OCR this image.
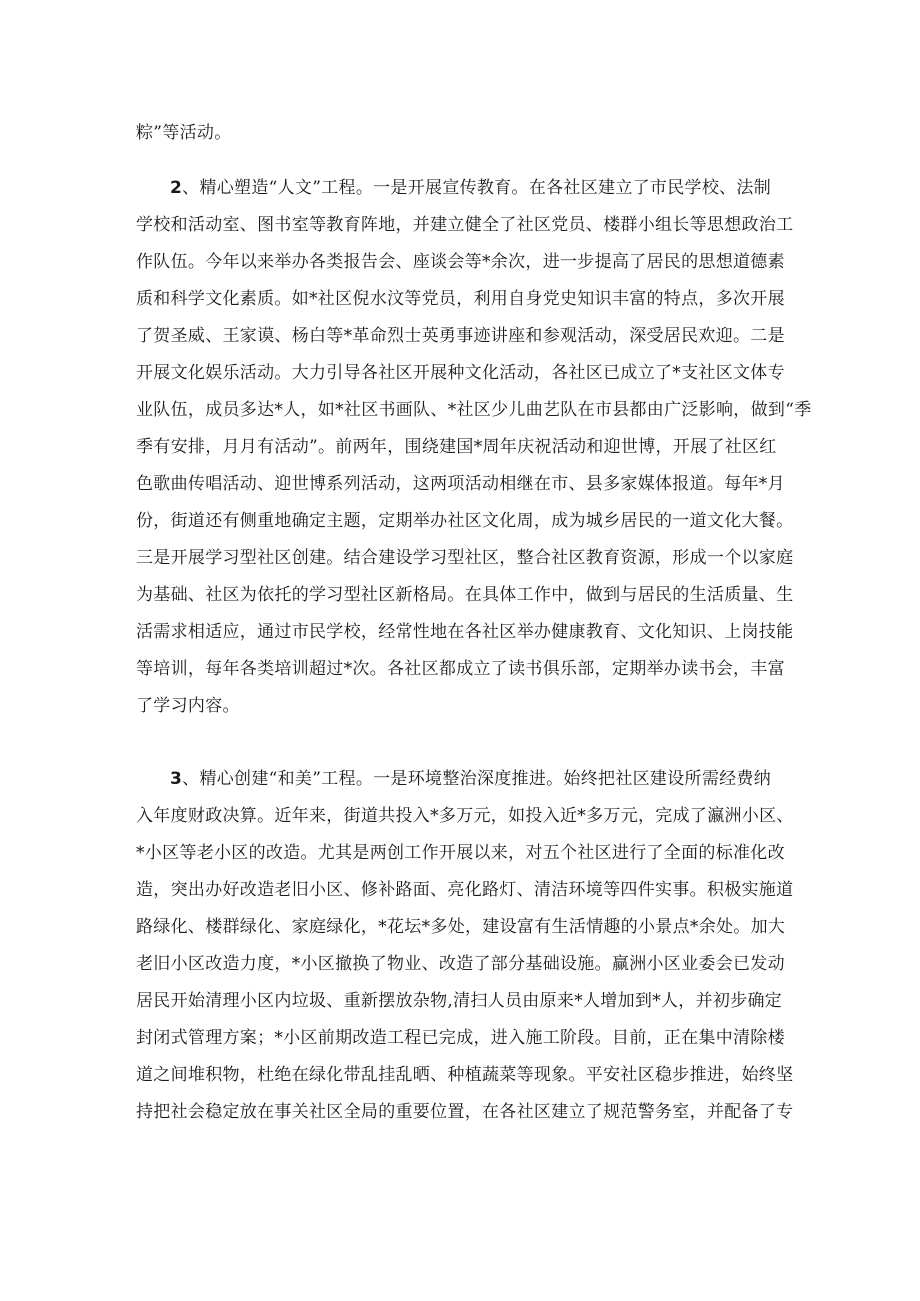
粽”等活动。
2、精心塑造“人文”工程。一是开展宣传教育。在各社区建立了市民学校、法制
学校和活动室、图书室等教育阵地，并建立健全了社区党员、楼群小组长等思想政治工
作队伍。今年以来举办各类报告会、座谈会等*余次，进一步提高了居民的思想道德素
质和科学文化素质。如*社区倪水汶等党员，利用自身党史知识丰富的特点，多次开展
了贺圣威、王家谟、杨白等*革命烈士英勇事迹讲座和参观活动，深受居民欢迎。二是
开展文化娱乐活动。大力引导各社区开展种文化活动，各社区已成立了*支社区文体专
业队伍，成员多达*人，如*社区书画队、*社区少儿曲艺队在市县都由广泛影响，做到“季
季有安排，月月有活动”。前两年，围绕建国*周年庆祝活动和迎世博，开展了社区红
色歌曲传唱活动、迎世博系列活动，这两项活动相继在市、县多家媒体报道。每年*月
份，街道还有侧重地确定主题，定期举办社区文化周，成为城乡居民的一道文化大餐。
三是开展学习型社区创建。结合建设学习型社区，整合社区教育资源，形成一个以家庭
为基础、社区为依托的学习型社区新格局。在具体工作中，做到与居民的生活质量、生
活需求相适应，通过市民学校，经常性地在各社区举办健康教育、文化知识、上岗技能
等培训，每年各类培训超过*次。各社区都成立了读书俱乐部，定期举办读书会，丰富
了学习内容。
3、精心创建“和美”工程。一是环境整治深度推进。始终把社区建设所需经费纳
入年度财政决算。近年来，街道共投入*多万元，如投入近*多万元，完成了瀛洲小区、
*小区等老小区的改造。尤其是两创工作开展以来，对五个社区进行了全面的标准化改
造，突出办好改造老旧小区、修补路面、亮化路灯、清洁环境等四件实事。积极实施道
路绿化、楼群绿化、家庭绿化，*花坛*多处，建设富有生活情趣的小景点*余处。加大
老旧小区改造力度，*小区撤换了物业、改造了部分基础设施。赢洲小区业委会已发动
居民开始清理小区内垃圾、重新摆放杂物,清扫人员由原来*人增加到*人，并初步确定
封闭式管理方案；*小区前期改造工程已完成，进入施工阶段。目前，正在集中清除楼
道之间堆积物，杜绝在绿化带乱挂乱晒、种植蔬菜等现象。平安社区稳步推进，始终坚
持把社会稳定放在事关社区全局的重要位置，在各社区建立了规范警务室，并配备了专
